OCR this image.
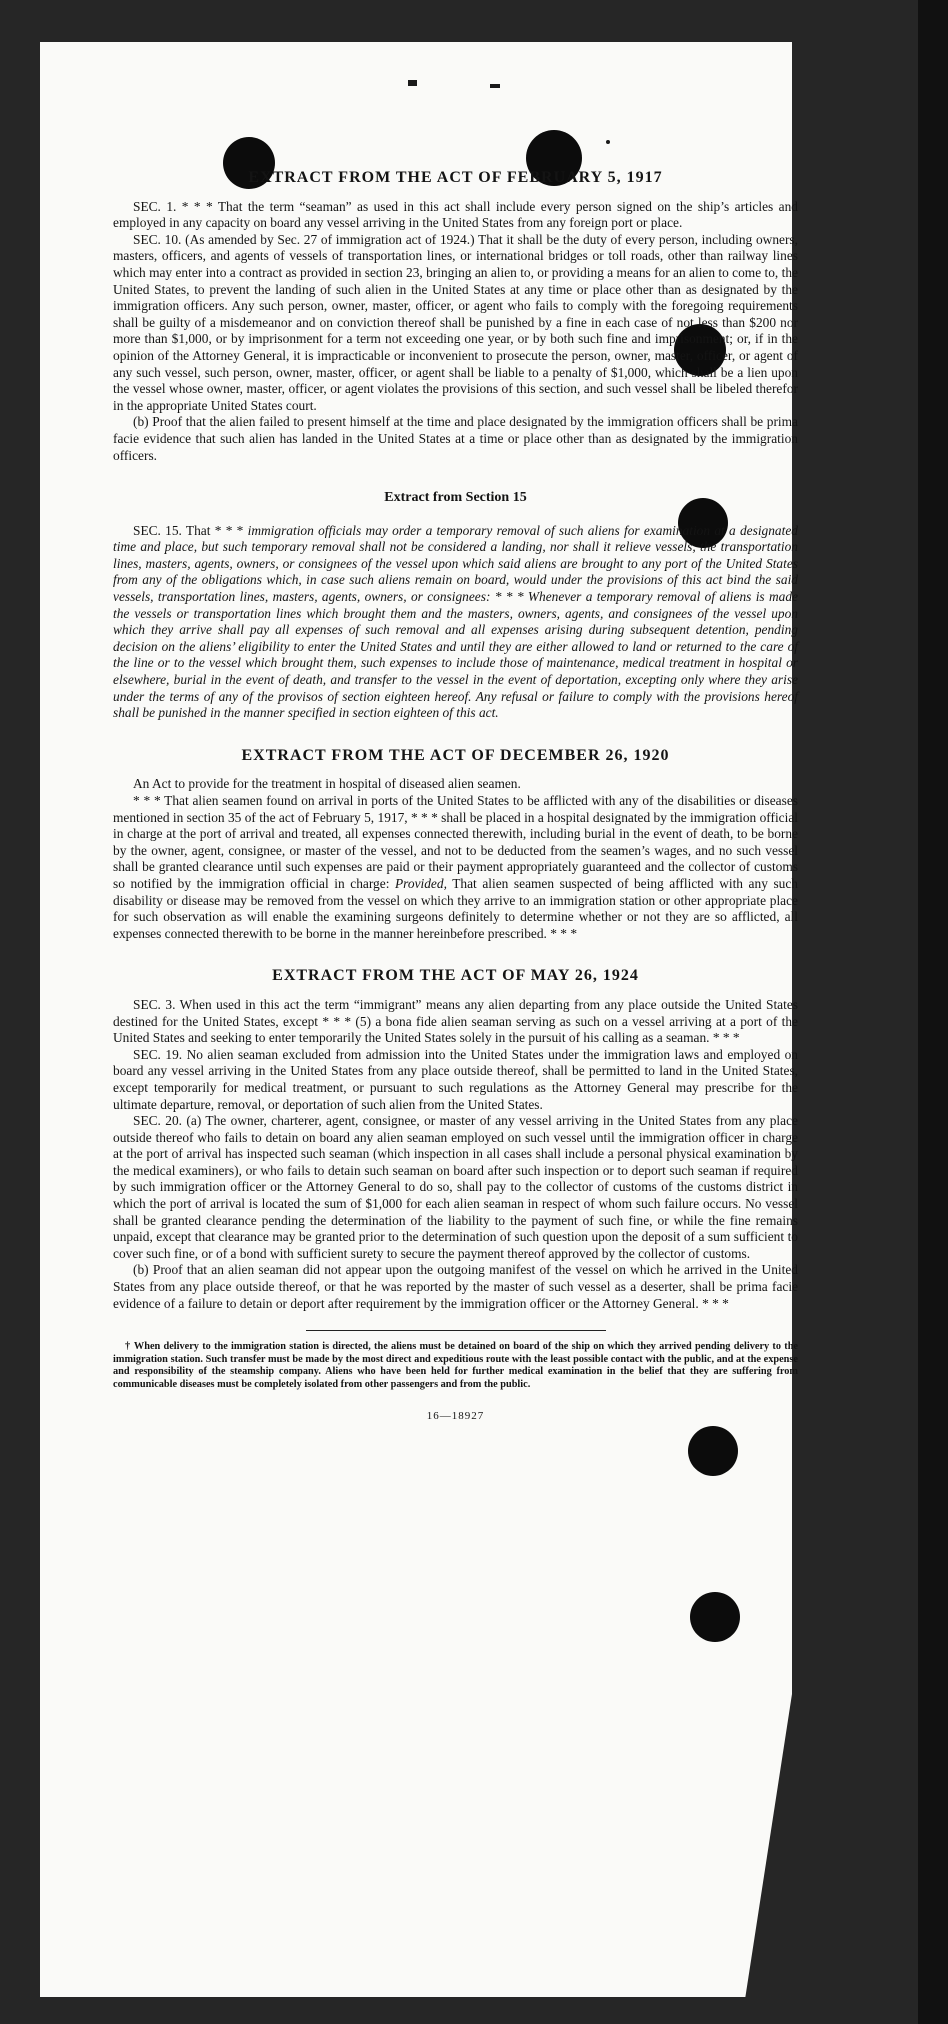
EXTRACT FROM THE ACT OF FEBRUARY 5, 1917

SEC. 1. * * * That the term “seaman” as used in this act shall include every person signed on the ship’s articles and employed in any capacity on board any vessel arriving in the United States from any foreign port or place.

SEC. 10. (As amended by Sec. 27 of immigration act of 1924.) That it shall be the duty of every person, including owners, masters, officers, and agents of vessels of transportation lines, or international bridges or toll roads, other than railway lines which may enter into a contract as provided in section 23, bringing an alien to, or providing a means for an alien to come to, the United States, to prevent the landing of such alien in the United States at any time or place other than as designated by the immigration officers. Any such person, owner, master, officer, or agent who fails to comply with the foregoing requirements shall be guilty of a misdemeanor and on conviction thereof shall be punished by a fine in each case of not less than $200 nor more than $1,000, or by imprisonment for a term not exceeding one year, or by both such fine and imprisonment; or, if in the opinion of the Attorney General, it is impracticable or inconvenient to prosecute the person, owner, master, officer, or agent of any such vessel, such person, owner, master, officer, or agent shall be liable to a penalty of $1,000, which shall be a lien upon the vessel whose owner, master, officer, or agent violates the provisions of this section, and such vessel shall be libeled therefor in the appropriate United States court.

(b) Proof that the alien failed to present himself at the time and place designated by the immigration officers shall be prima facie evidence that such alien has landed in the United States at a time or place other than as designated by the immigration officers.

Extract from Section 15

SEC. 15. That * * * immigration officials may order a temporary removal of such aliens for examination at a designated time and place, but such temporary removal shall not be considered a landing, nor shall it relieve vessels, the transportation lines, masters, agents, owners, or consignees of the vessel upon which said aliens are brought to any port of the United States from any of the obligations which, in case such aliens remain on board, would under the provisions of this act bind the said vessels, transportation lines, masters, agents, owners, or consignees: * * * Whenever a temporary removal of aliens is made the vessels or transportation lines which brought them and the masters, owners, agents, and consignees of the vessel upon which they arrive shall pay all expenses of such removal and all expenses arising during subsequent detention, pending decision on the aliens’ eligibility to enter the United States and until they are either allowed to land or returned to the care of the line or to the vessel which brought them, such expenses to include those of maintenance, medical treatment in hospital or elsewhere, burial in the event of death, and transfer to the vessel in the event of deportation, excepting only where they arise under the terms of any of the provisos of section eighteen hereof. Any refusal or failure to comply with the provisions hereof shall be punished in the manner specified in section eighteen of this act.

EXTRACT FROM THE ACT OF DECEMBER 26, 1920

An Act to provide for the treatment in hospital of diseased alien seamen.

* * * That alien seamen found on arrival in ports of the United States to be afflicted with any of the disabilities or diseases mentioned in section 35 of the act of February 5, 1917, * * * shall be placed in a hospital designated by the immigration official in charge at the port of arrival and treated, all expenses connected therewith, including burial in the event of death, to be borne by the owner, agent, consignee, or master of the vessel, and not to be deducted from the seamen’s wages, and no such vessel shall be granted clearance until such expenses are paid or their payment appropriately guaranteed and the collector of customs so notified by the immigration official in charge: Provided, That alien seamen suspected of being afflicted with any such disability or disease may be removed from the vessel on which they arrive to an immigration station or other appropriate place for such observation as will enable the examining surgeons definitely to determine whether or not they are so afflicted, all expenses connected therewith to be borne in the manner hereinbefore prescribed. * * *

EXTRACT FROM THE ACT OF MAY 26, 1924

SEC. 3. When used in this act the term “immigrant” means any alien departing from any place outside the United States destined for the United States, except * * * (5) a bona fide alien seaman serving as such on a vessel arriving at a port of the United States and seeking to enter temporarily the United States solely in the pursuit of his calling as a seaman. * * *

SEC. 19. No alien seaman excluded from admission into the United States under the immigration laws and employed on board any vessel arriving in the United States from any place outside thereof, shall be permitted to land in the United States, except temporarily for medical treatment, or pursuant to such regulations as the Attorney General may prescribe for the ultimate departure, removal, or deportation of such alien from the United States.

SEC. 20. (a) The owner, charterer, agent, consignee, or master of any vessel arriving in the United States from any place outside thereof who fails to detain on board any alien seaman employed on such vessel until the immigration officer in charge at the port of arrival has inspected such seaman (which inspection in all cases shall include a personal physical examination by the medical examiners), or who fails to detain such seaman on board after such inspection or to deport such seaman if required by such immigration officer or the Attorney General to do so, shall pay to the collector of customs of the customs district in which the port of arrival is located the sum of $1,000 for each alien seaman in respect of whom such failure occurs. No vessel shall be granted clearance pending the determination of the liability to the payment of such fine, or while the fine remains unpaid, except that clearance may be granted prior to the determination of such question upon the deposit of a sum sufficient to cover such fine, or of a bond with sufficient surety to secure the payment thereof approved by the collector of customs.

(b) Proof that an alien seaman did not appear upon the outgoing manifest of the vessel on which he arrived in the United States from any place outside thereof, or that he was reported by the master of such vessel as a deserter, shall be prima facie evidence of a failure to detain or deport after requirement by the immigration officer or the Attorney General. * * *

† When delivery to the immigration station is directed, the aliens must be detained on board of the ship on which they arrived pending delivery to the immigration station. Such transfer must be made by the most direct and expeditious route with the least possible contact with the public, and at the expense and responsibility of the steamship company. Aliens who have been held for further medical examination in the belief that they are suffering from communicable diseases must be completely isolated from other passengers and from the public.

16—18927
